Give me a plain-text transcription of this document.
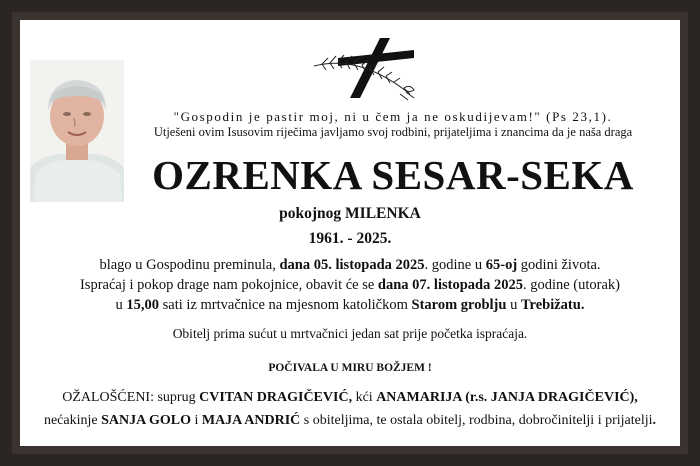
"Gospodin je pastir moj, ni u čem ja ne oskudijevam!" (Ps 23,1).
Utješeni ovim Isusovim riječima javljamo svoj rodbini, prijateljima i znancima da je naša draga
OZRENKA SESAR-SEKA
pokojnog MILENKA
1961. - 2025.
blago u Gospodinu preminula, dana 05. listopada 2025. godine u 65-oj godini života.
Ispraćaj i pokop drage nam pokojnice, obavit će se dana 07. listopada 2025. godine (utorak)
u 15,00 sati iz mrtvačnice na mjesnom katoličkom Starom groblju u Trebižatu.
Obitelj prima sućut u mrtvačnici jedan sat prije početka ispraćaja.
POČIVALA U MIRU BOŽJEM !
OŽALOŠĆENI: suprug CVITAN DRAGIČEVIĆ, kći ANAMARIJA (r.s. JANJA DRAGIČEVIĆ),
nećakinje SANJA GOLO i MAJA ANDRIĆ s obiteljima, te ostala obitelj, rodbina, dobročinitelji i prijatelji.
